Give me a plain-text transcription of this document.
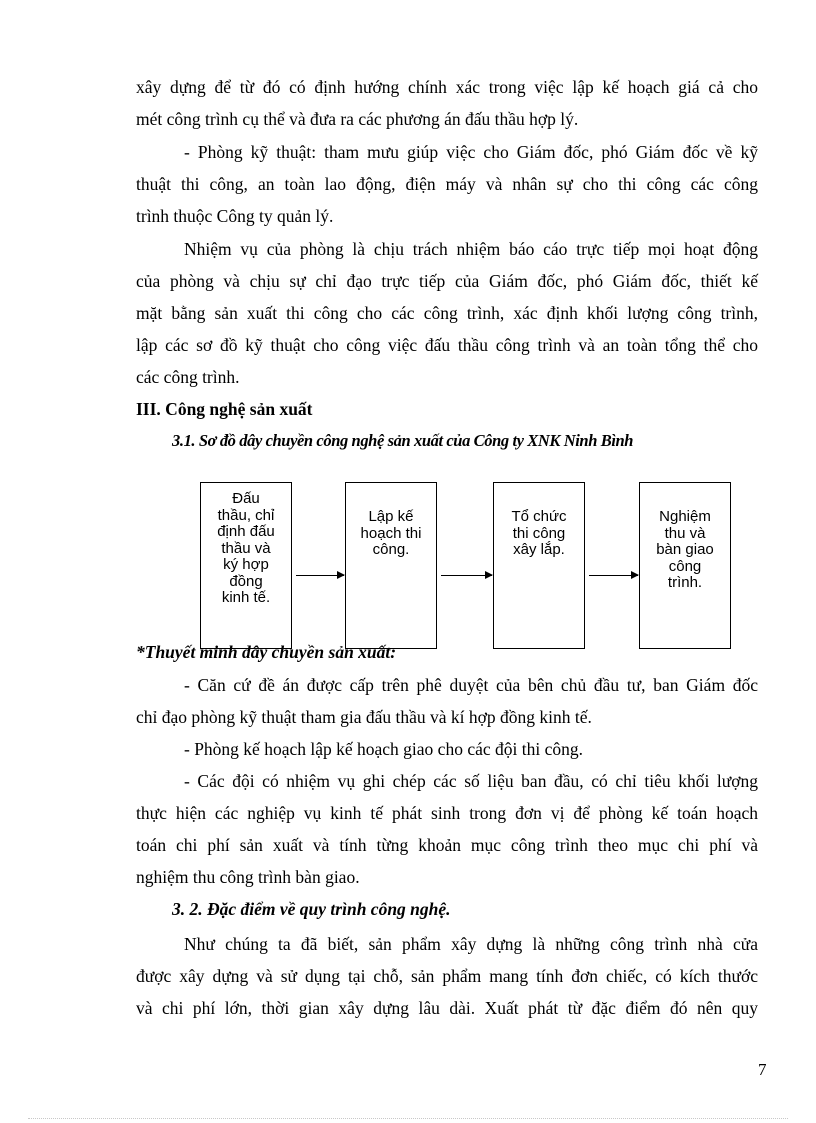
xây dựng để từ đó có định hướng chính xác trong việc lập kế hoạch giá cả cho
mét công trình cụ thể và đưa ra các phương án đấu thầu hợp lý.
- Phòng kỹ thuật: tham mưu giúp việc cho Giám đốc, phó Giám đốc về kỹ
thuật thi công, an toàn lao động, điện máy và nhân sự cho thi công các công
trình thuộc Công ty quản lý.
Nhiệm vụ của phòng là chịu trách nhiệm báo cáo trực tiếp mọi hoạt động
của phòng và chịu sự chỉ đạo trực tiếp của Giám đốc, phó Giám đốc, thiết kế
mặt bằng sản xuất thi công cho các công trình, xác định khối lượng công trình,
lập các sơ đồ kỹ thuật cho công việc đấu thầu công trình và an toàn tổng thể cho
các công trình.
III. Công nghệ sản xuất
3.1. Sơ đồ dây chuyền công nghệ sản xuất của Công ty XNK Ninh Bình
Đấu
thầu, chỉ
định đấu
thầu và
ký hợp
đồng
kinh tế.
Lập kế
hoạch thi
công.
Tổ chức
thi công
xây lắp.
Nghiệm
thu và
bàn giao
công
trình.
*Thuyết minh dây chuyền sản xuất:
- Căn cứ đề án được cấp trên phê duyệt của bên chủ đầu tư, ban Giám đốc
chỉ đạo phòng kỹ thuật tham gia đấu thầu và kí hợp đồng kinh tế.
- Phòng kế hoạch lập kế hoạch giao cho các đội thi công.
- Các đội có nhiệm vụ ghi chép các số liệu ban đầu, có chỉ tiêu khối lượng
thực hiện các nghiệp vụ kinh tế phát sinh trong đơn vị để phòng kế toán hoạch
toán chi phí sản xuất và tính từng khoản mục công trình theo mục chi phí và
nghiệm thu công trình bàn giao.
3. 2. Đặc điểm về quy trình công nghệ.
Như chúng ta đã biết, sản phẩm xây dựng là những công trình nhà cửa
được xây dựng và sử dụng tại chỗ, sản phẩm mang tính đơn chiếc, có kích thước
và chi phí lớn, thời gian xây dựng lâu dài. Xuất phát từ đặc điểm đó nên quy
7
